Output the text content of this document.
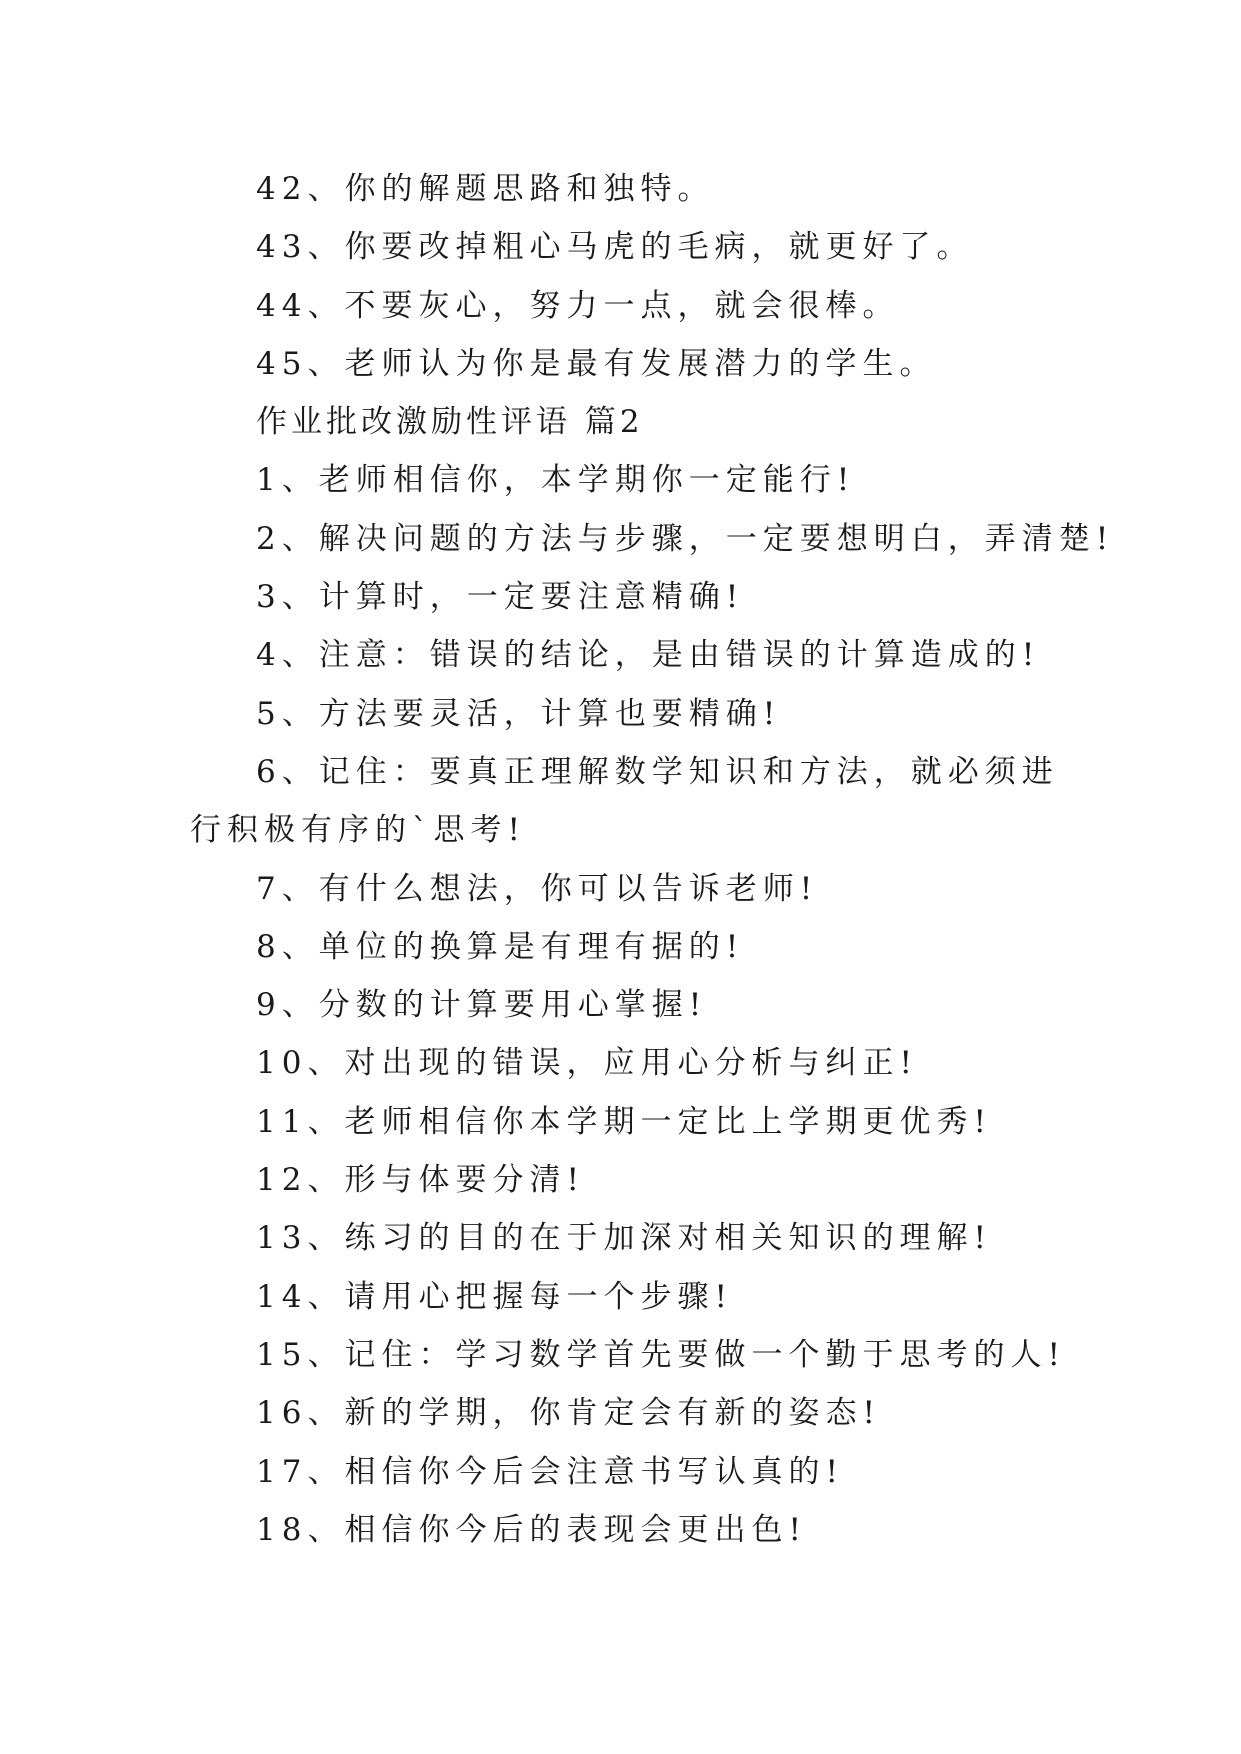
42、你的解题思路和独特。
43、你要改掉粗心马虎的毛病，就更好了。
44、不要灰心，努力一点，就会很棒。
45、老师认为你是最有发展潜力的学生。
作业批改激励性评语 篇2
1、老师相信你，本学期你一定能行!
2、解决问题的方法与步骤，一定要想明白，弄清楚!
3、计算时，一定要注意精确!
4、注意：错误的结论，是由错误的计算造成的!
5、方法要灵活，计算也要精确!
6、记住：要真正理解数学知识和方法，就必须进行积极有序的`思考!
7、有什么想法，你可以告诉老师!
8、单位的换算是有理有据的!
9、分数的计算要用心掌握!
10、对出现的错误，应用心分析与纠正!
11、老师相信你本学期一定比上学期更优秀!
12、形与体要分清!
13、练习的目的在于加深对相关知识的理解!
14、请用心把握每一个步骤!
15、记住：学习数学首先要做一个勤于思考的人!
16、新的学期，你肯定会有新的姿态!
17、相信你今后会注意书写认真的!
18、相信你今后的表现会更出色!
